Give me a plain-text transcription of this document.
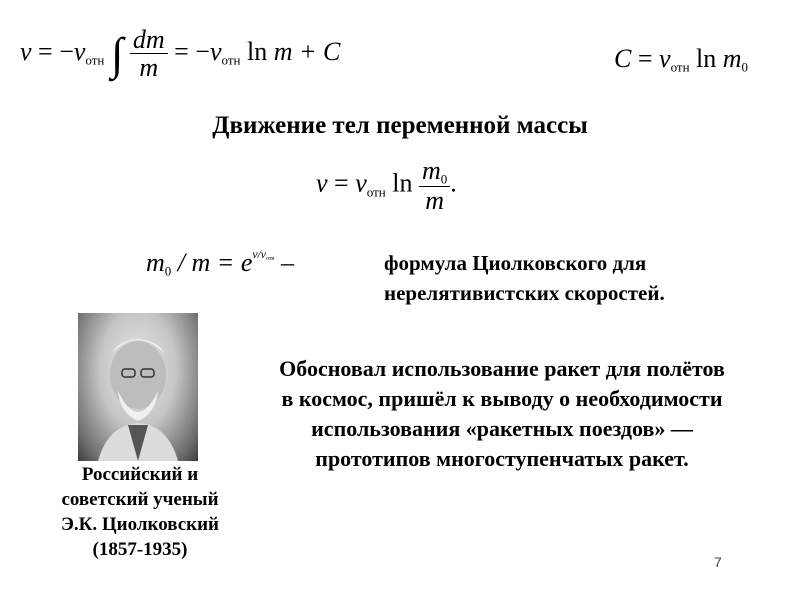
$v = -v_{отн}$ ∫ $\frac{dm}{m} = -v_{отн}$ ln m + C	$C = v_{отн}$ $\ln m_0$
Движение тел переменной массы
$v = v_{отн}$ $\ln \frac{m_0}{m}$ .
$m_0 / m = e^{v/v_{отн}}$ –	формула Циолковского для
нерелятивистских скоростей.
Российский и
советский ученый
Э.К. Циолковский
(1857-1935)
Обосновал использование ракет для полётов
в космос, пришёл к выводу о необходимости
использования «ракетных поездов» —
прототипов многоступенчатых ракет.
7
